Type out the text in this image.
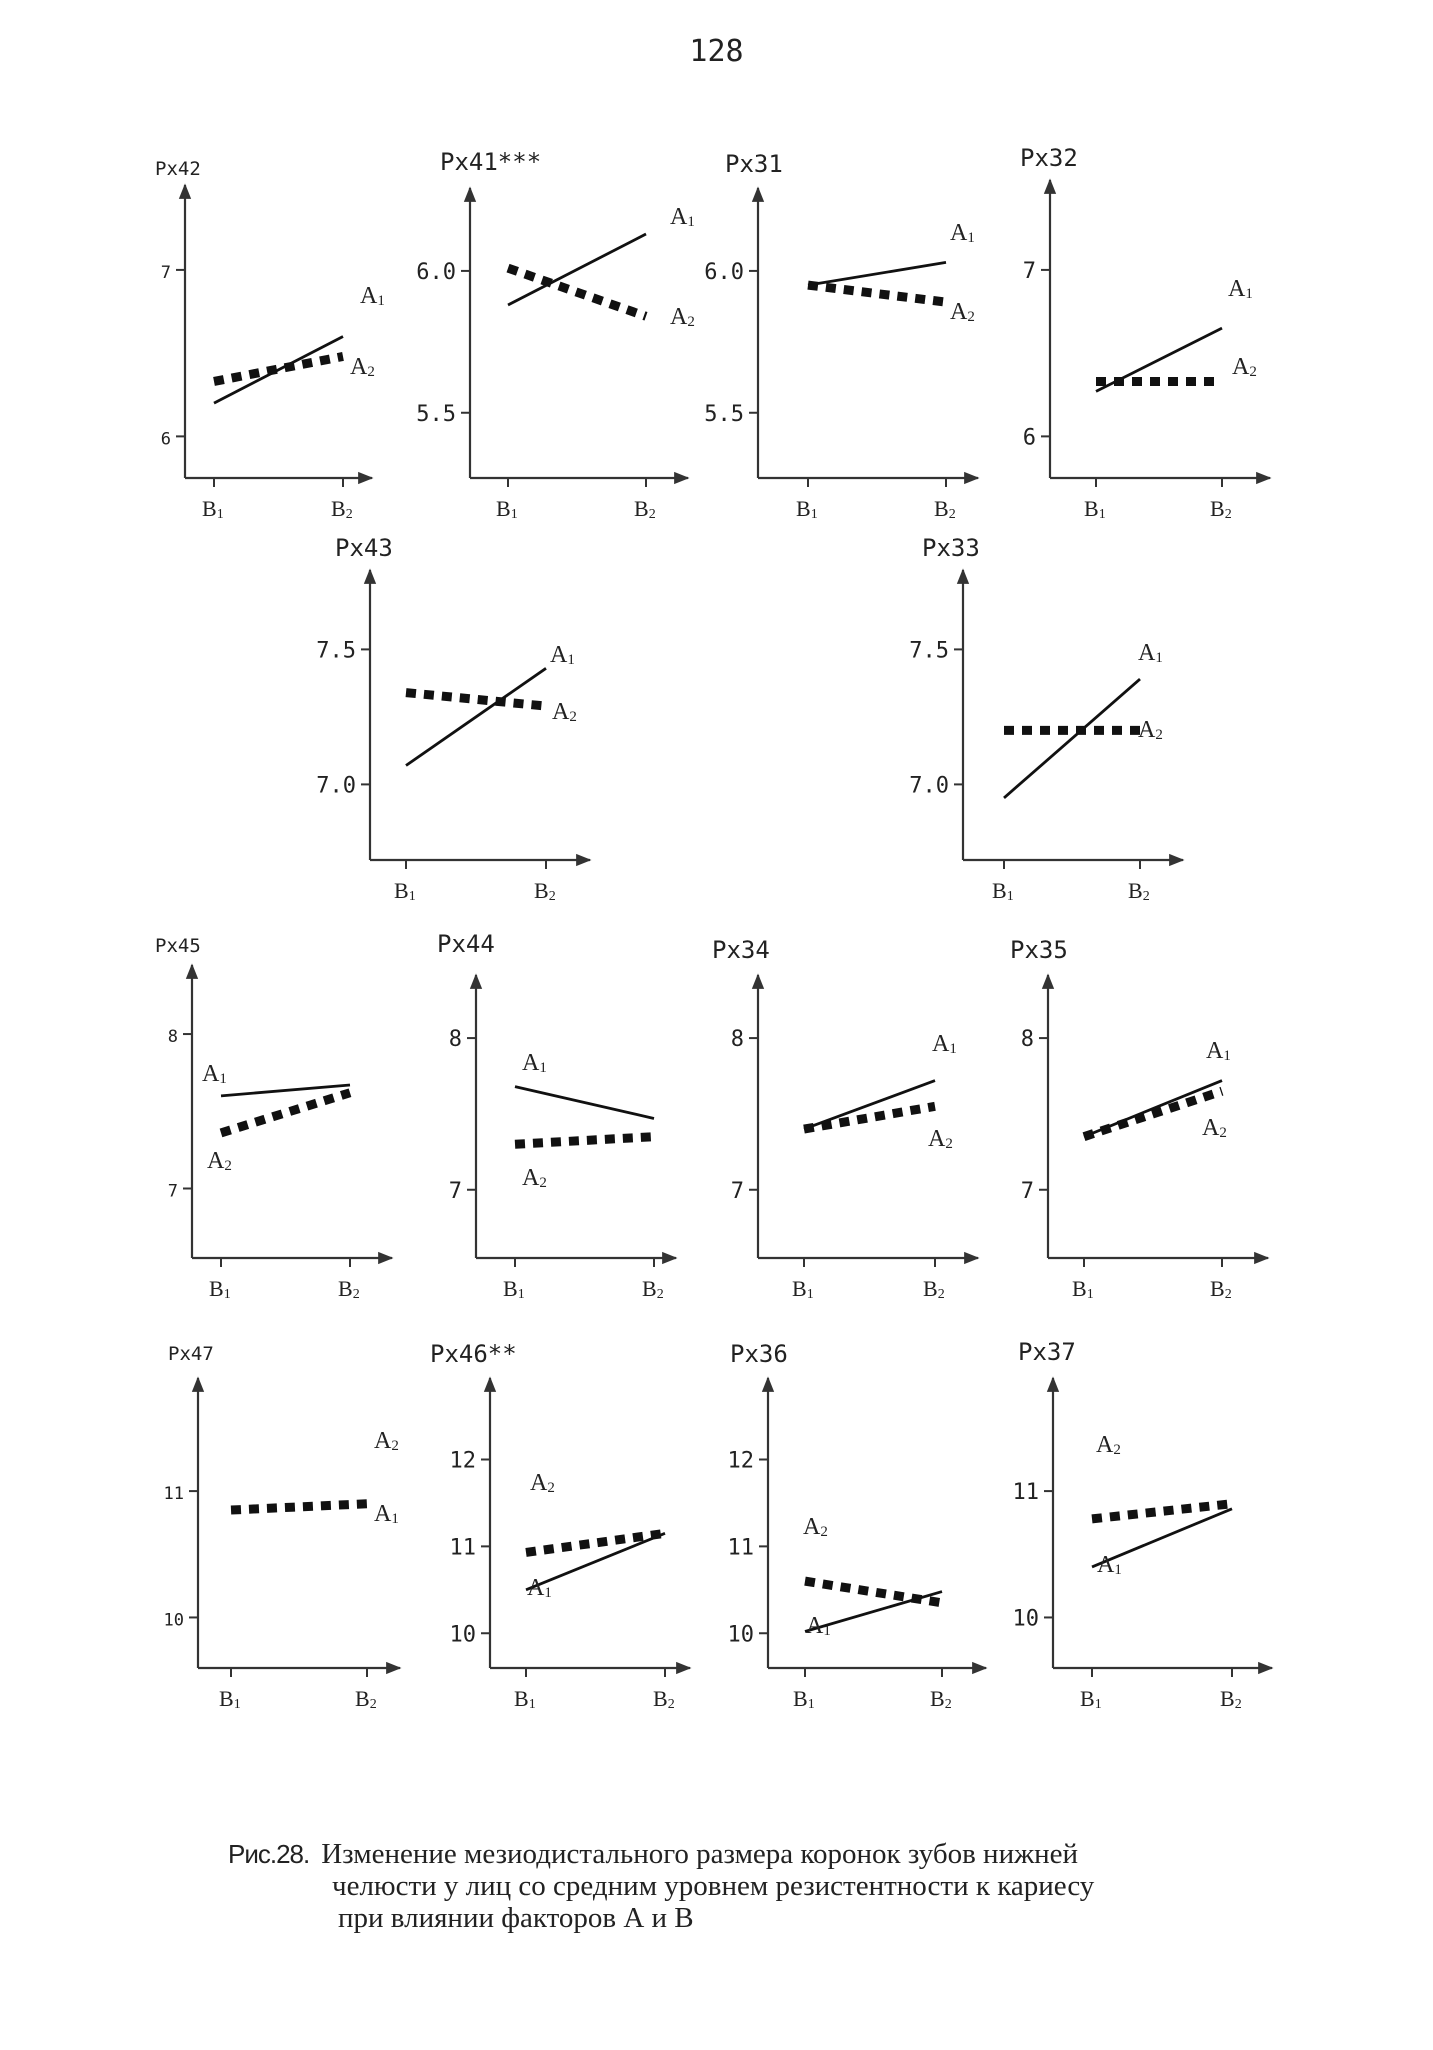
128
Px42
7
6
B1	B2
A1
A2
Px41***
6.0
5.5
B1	B2
A1
A2
Px31
6.0
5.5
B1	B2
A1
A2
Px32
7
6
B1	B2
A1
A2
Px43
7.5
7.0
B1	B2
A1
A2
Px33
7.5
7.0
B1	B2
A1
A2
Px45
8
7
B1	B2
A1
A2
Px44
8
7
B1	B2
A1
A2
Px34
8
7
B1	B2
A1
A2
Px35
8
7
B1	B2
A1
A2
Px47
11
10
B1	B2
A2
A1
Px46**
12
11
10
B1	B2
A1
A2
Px36
12
11
10
B1	B2
A1
A2
Px37
11
10
B1	B2
A1
A2
Рис.28. Изменение мезиодистального размера коронок зубов нижней
челюсти у лиц со средним уровнем резистентности к кариесу
при влиянии факторов А и В
